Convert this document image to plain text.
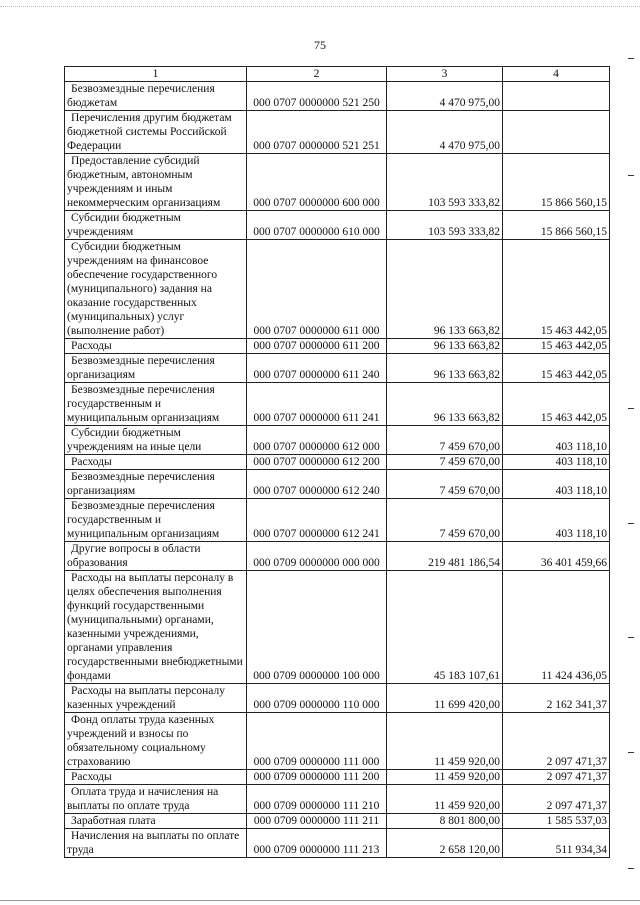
75
1	2	3	4
Безвозмездные перечисления бюджетам	000 0707 0000000 521 250	4 470 975,00	
Перечисления другим бюджетам бюджетной системы Российской Федерации	000 0707 0000000 521 251	4 470 975,00	
Предоставление субсидий бюджетным, автономным учреждениям и иным некоммерческим организациям	000 0707 0000000 600 000	103 593 333,82	15 866 560,15
Субсидии бюджетным учреждениям	000 0707 0000000 610 000	103 593 333,82	15 866 560,15
Субсидии бюджетным учреждениям на финансовое обеспечение государственного (муниципального) задания на оказание государственных (муниципальных) услуг (выполнение работ)	000 0707 0000000 611 000	96 133 663,82	15 463 442,05
Расходы	000 0707 0000000 611 200	96 133 663,82	15 463 442,05
Безвозмездные перечисления организациям	000 0707 0000000 611 240	96 133 663,82	15 463 442,05
Безвозмездные перечисления государственным и муниципальным организациям	000 0707 0000000 611 241	96 133 663,82	15 463 442,05
Субсидии бюджетным учреждениям на иные цели	000 0707 0000000 612 000	7 459 670,00	403 118,10
Расходы	000 0707 0000000 612 200	7 459 670,00	403 118,10
Безвозмездные перечисления организациям	000 0707 0000000 612 240	7 459 670,00	403 118,10
Безвозмездные перечисления государственным и муниципальным организациям	000 0707 0000000 612 241	7 459 670,00	403 118,10
Другие вопросы в области образования	000 0709 0000000 000 000	219 481 186,54	36 401 459,66
Расходы на выплаты персоналу в целях обеспечения выполнения функций государственными (муниципальными) органами, казенными учреждениями, органами управления государственными внебюджетными фондами	000 0709 0000000 100 000	45 183 107,61	11 424 436,05
Расходы на выплаты персоналу казенных учреждений	000 0709 0000000 110 000	11 699 420,00	2 162 341,37
Фонд оплаты труда казенных учреждений и взносы по обязательному социальному страхованию	000 0709 0000000 111 000	11 459 920,00	2 097 471,37
Расходы	000 0709 0000000 111 200	11 459 920,00	2 097 471,37
Оплата труда и начисления на выплаты по оплате труда	000 0709 0000000 111 210	11 459 920,00	2 097 471,37
Заработная плата	000 0709 0000000 111 211	8 801 800,00	1 585 537,03
Начисления на выплаты по оплате труда	000 0709 0000000 111 213	2 658 120,00	511 934,34
